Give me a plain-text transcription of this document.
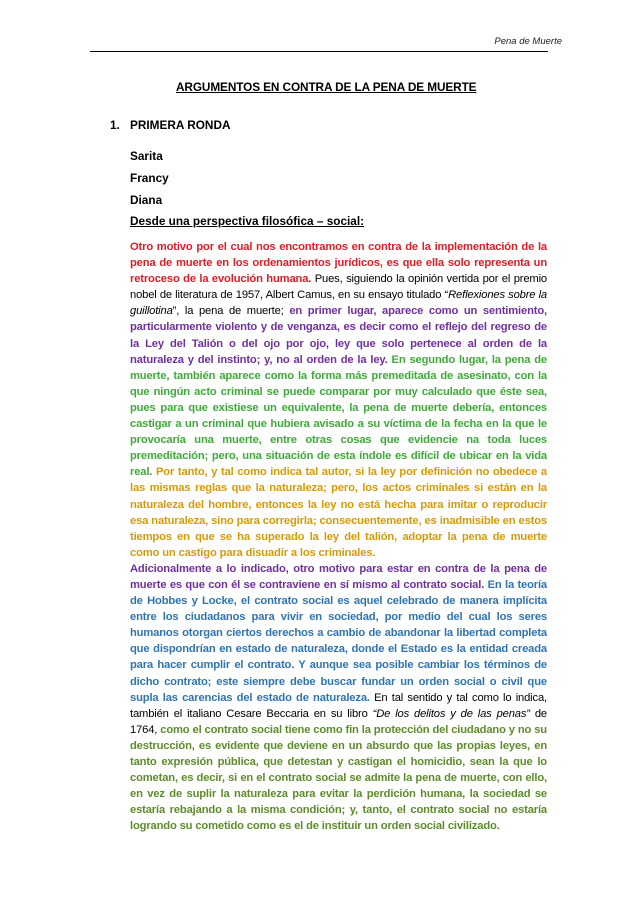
Pena de Muerte
ARGUMENTOS EN CONTRA DE LA PENA DE MUERTE
1. PRIMERA RONDA
Sarita
Francy
Diana
Desde una perspectiva filosófica – social:

Otro motivo por el cual nos encontramos en contra de la implementación de la pena de muerte en los ordenamientos jurídicos, es que ella solo representa un retroceso de la evolución humana. Pues, siguiendo la opinión vertida por el premio nobel de literatura de 1957, Albert Camus, en su ensayo titulado “Reflexiones sobre la guillotina”, la pena de muerte; en primer lugar, aparece como un sentimiento, particularmente violento y de venganza, es decir como el reflejo del regreso de la Ley del Talión o del ojo por ojo, ley que solo pertenece al orden de la naturaleza y del instinto; y, no al orden de la ley. En segundo lugar, la pena de muerte, también aparece como la forma más premeditada de asesinato, con la que ningún acto criminal se puede comparar por muy calculado que éste sea, pues para que existiese un equivalente, la pena de muerte debería, entonces castigar a un criminal que hubiera avisado a su víctima de la fecha en la que le provocaría una muerte, entre otras cosas que evidencie na toda luces premeditación; pero, una situación de esta índole es difícil de ubicar en la vida real. Por tanto, y tal como indica tal autor, si la ley por definición no obedece a las mismas reglas que la naturaleza; pero, los actos criminales si están en la naturaleza del hombre, entonces la ley no está hecha para imitar o reproducir esa naturaleza, sino para corregirla; consecuentemente, es inadmisible en estos tiempos en que se ha superado la ley del talión, adoptar la pena de muerte como un castigo para disuadir a los criminales.

Adicionalmente a lo indicado, otro motivo para estar en contra de la pena de muerte es que con él se contraviene en sí mismo al contrato social. En la teoría de Hobbes y Locke, el contrato social es aquel celebrado de manera implícita entre los ciudadanos para vivir en sociedad, por medio del cual los seres humanos otorgan ciertos derechos a cambio de abandonar la libertad completa que dispondrían en estado de naturaleza, donde el Estado es la entidad creada para hacer cumplir el contrato. Y aunque sea posible cambiar los términos de dicho contrato; este siempre debe buscar fundar un orden social o civil que supla las carencias del estado de naturaleza. En tal sentido y tal como lo indica, también el italiano Cesare Beccaria en su libro “De los delitos y de las penas” de 1764, como el contrato social tiene como fin la protección del ciudadano y no su destrucción, es evidente que deviene en un absurdo que las propias leyes, en tanto expresión pública, que detestan y castigan el homicidio, sean la que lo cometan, es decir, si en el contrato social se admite la pena de muerte, con ello, en vez de suplir la naturaleza para evitar la perdición humana, la sociedad se estaría rebajando a la misma condición; y, tanto, el contrato social no estaría logrando su cometido como es el de instituir un orden social civilizado.
